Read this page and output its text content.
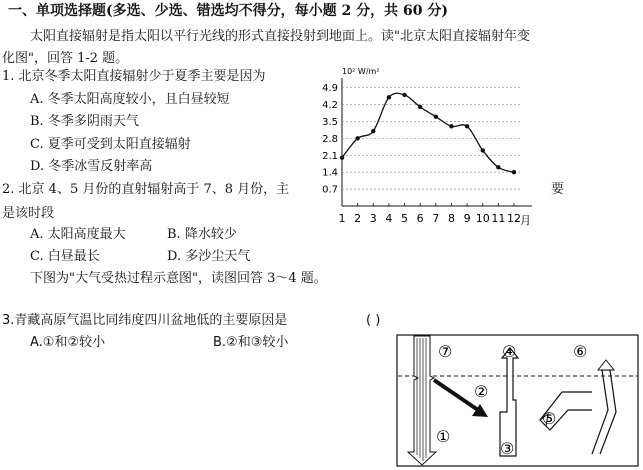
一、单项选择题(多选、少选、错选均不得分，每小题 2 分，共 60 分)
太阳直接辐射是指太阳以平行光线的形式直接投射到地面上。读"北京太阳直接辐射年变
化图"，回答 1-2 题。
1. 北京冬季太阳直接辐射少于夏季主要是因为
A. 冬季太阳高度较小，且白昼较短
B. 冬季多阴雨天气
C. 夏季可受到太阳直接辐射
D. 冬季冰雪反射率高
2. 北京 4、5 月份的直射辐射高于 7、8 月份，主	要
是该时段
A. 太阳高度最大	B. 降水较少
C. 白昼最长	D. 多沙尘天气
下图为"大气受热过程示意图"，读图回答 3～4 题。
3.青藏高原气温比同纬度四川盆地低的主要原因是	( )
A.①和②较小	B.②和③较小
10² W/m²
月
4.9
4.2
3.5
2.8
2.1
1.4
0.7
1 2 3 4 5 6 7 8 9 10 11 12
①
②
③
④
⑤
⑥
⑦
